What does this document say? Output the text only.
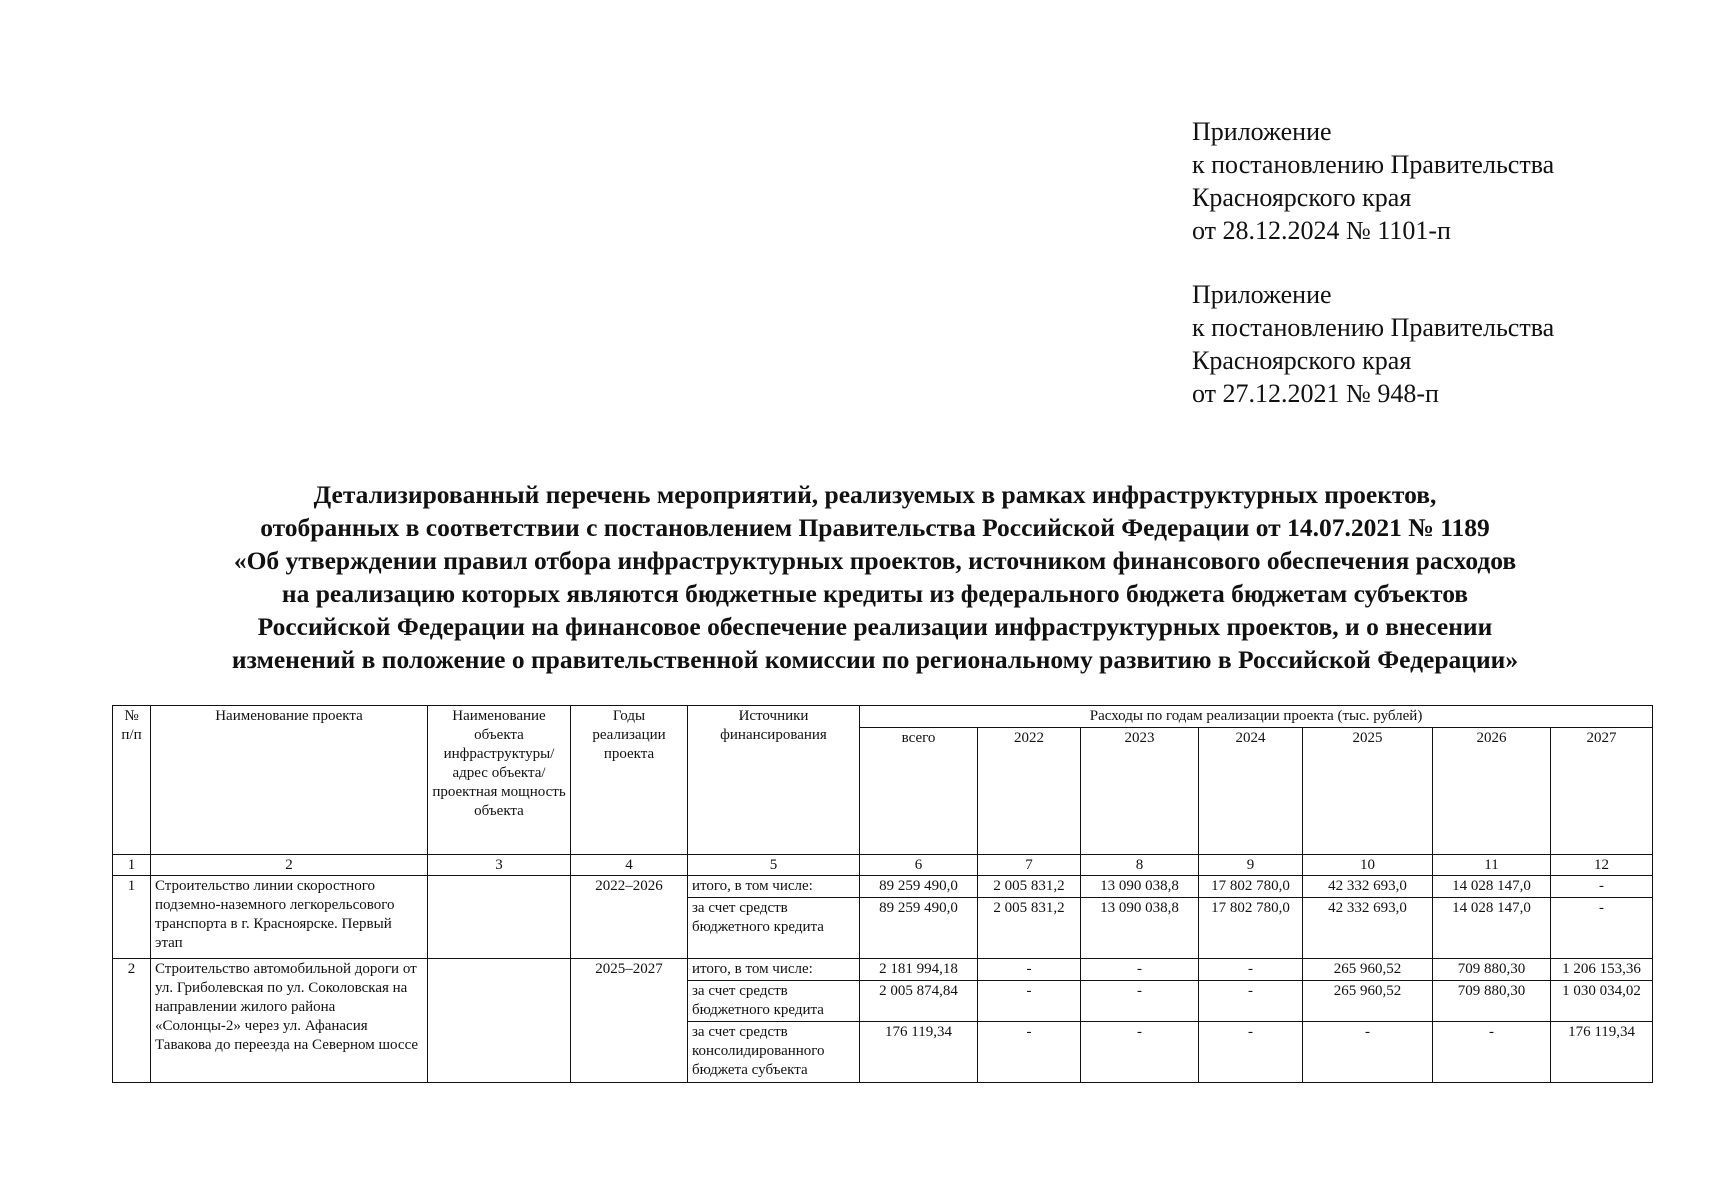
Приложение
к постановлению Правительства
Красноярского края
от 28.12.2024 № 1101-п
Приложение
к постановлению Правительства
Красноярского края
от 27.12.2021 № 948-п
Детализированный перечень мероприятий, реализуемых в рамках инфраструктурных проектов,
отобранных в соответствии с постановлением Правительства Российской Федерации от 14.07.2021 № 1189
«Об утверждении правил отбора инфраструктурных проектов, источником финансового обеспечения расходов
на реализацию которых являются бюджетные кредиты из федерального бюджета бюджетам субъектов
Российской Федерации на финансовое обеспечение реализации инфраструктурных проектов, и о внесении
изменений в положение о правительственной комиссии по региональному развитию в Российской Федерации»
№ п/п	Наименование проекта	Наименование объекта инфраструктуры/ адрес объекта/ проектная мощность объекта	Годы реализации проекта	Источники финансирования	Расходы по годам реализации проекта (тыс. рублей)						
					всего	2022	2023	2024	2025	2026	2027
1	2	3	4	5	6	7	8	9	10	11	12
1	Строительство линии скоростного подземно-наземного легкорельсового транспорта в г. Красноярске. Первый этап		2022–2026	итого, в том числе:	89 259 490,0	2 005 831,2	13 090 038,8	17 802 780,0	42 332 693,0	14 028 147,0	-
				за счет средств бюджетного кредита	89 259 490,0	2 005 831,2	13 090 038,8	17 802 780,0	42 332 693,0	14 028 147,0	-
2	Строительство автомобильной дороги от ул. Гриболевская по ул. Соколовская на направлении жилого района «Солонцы-2» через ул. Афанасия Тавакова до переезда на Северном шоссе		2025–2027	итого, в том числе:	2 181 994,18	-	-	-	265 960,52	709 880,30	1 206 153,36
				за счет средств бюджетного кредита	2 005 874,84	-	-	-	265 960,52	709 880,30	1 030 034,02
				за счет средств консолидированного бюджета субъекта	176 119,34	-	-	-	-	-	176 119,34
